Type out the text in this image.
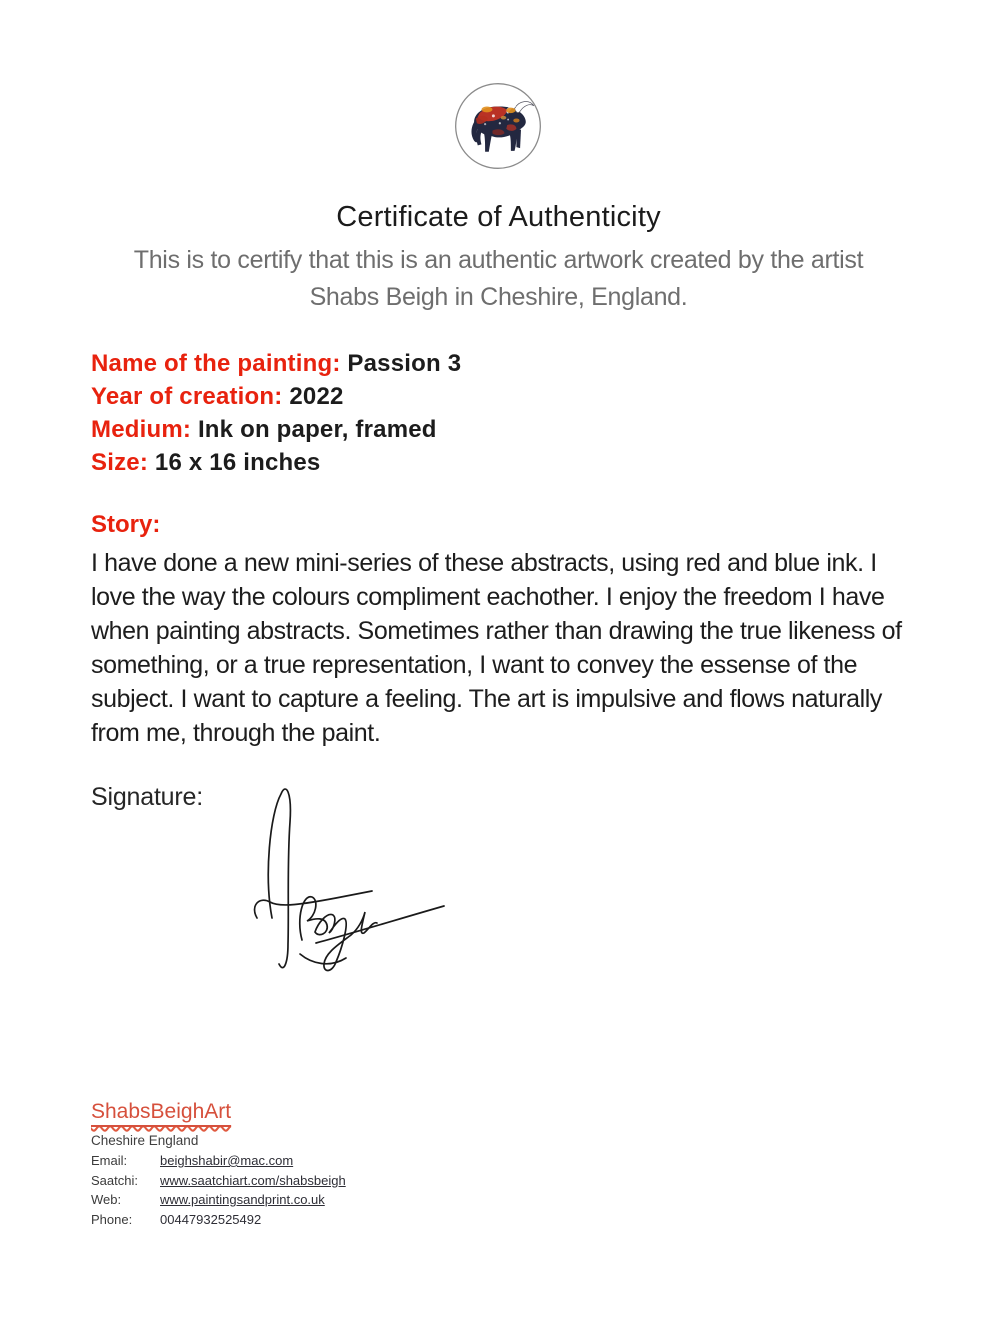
Certificate of Authenticity
This is to certify that this is an authentic artwork created by the artist
Shabs Beigh in Cheshire, England.
Name of the painting: Passion 3
Year of creation: 2022
Medium: Ink on paper, framed
Size: 16 x 16 inches
Story:
I have done a new mini-series of these abstracts, using red and blue ink. I love the way the colours compliment eachother. I enjoy the freedom I have when painting abstracts. Sometimes rather than drawing the true likeness of something, or a true representation, I want to convey the essense of the subject. I want to capture a feeling. The art is impulsive and flows naturally from me, through the paint.
Signature:
ShabsBeighArt
Cheshire England
Email:	beighshabir@mac.com
Saatchi:	www.saatchiart.com/shabsbeigh
Web:	www.paintingsandprint.co.uk
Phone:	00447932525492
